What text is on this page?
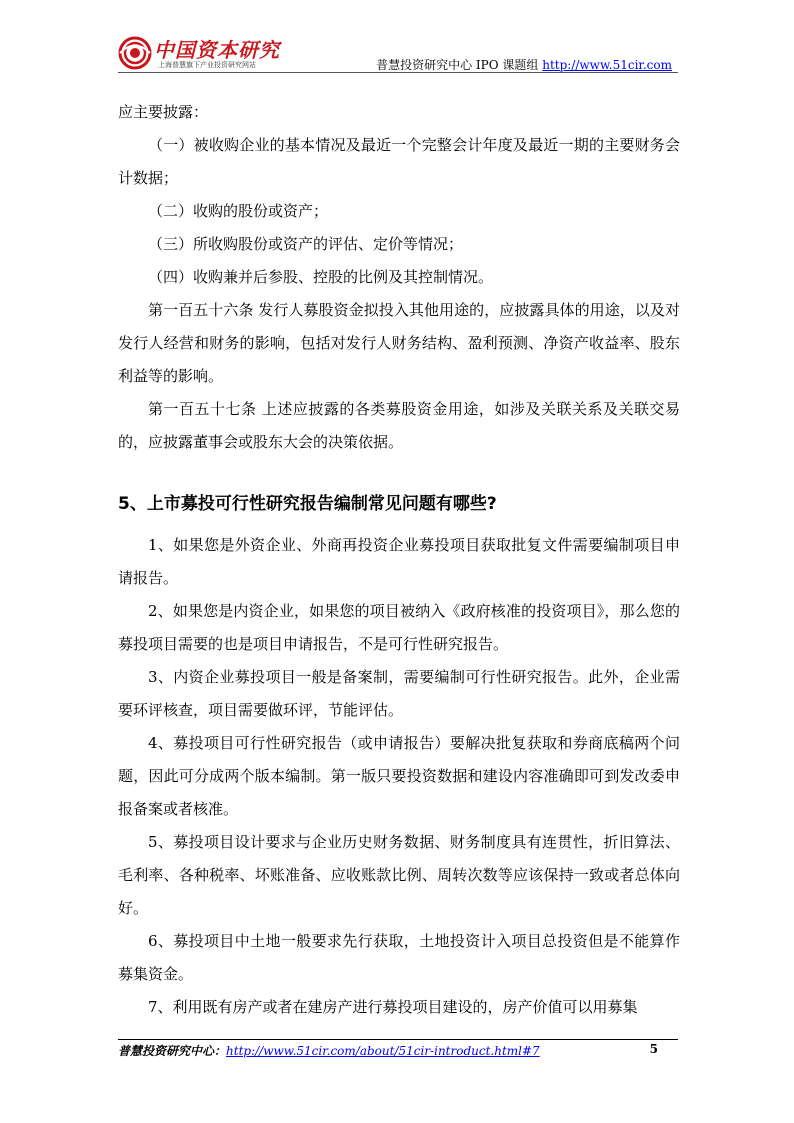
中国资本研究
上海普慧旗下产业投资研究网站	普慧投资研究中心 IPO 课题组 http://www.51cir.com

应主要披露：

（一）被收购企业的基本情况及最近一个完整会计年度及最近一期的主要财务会计数据；

（二）收购的股份或资产；

（三）所收购股份或资产的评估、定价等情况；

（四）收购兼并后参股、控股的比例及其控制情况。

第一百五十六条 发行人募股资金拟投入其他用途的，应披露具体的用途，以及对发行人经营和财务的影响，包括对发行人财务结构、盈利预测、净资产收益率、股东利益等的影响。

第一百五十七条 上述应披露的各类募股资金用途，如涉及关联关系及关联交易的，应披露董事会或股东大会的决策依据。

5、上市募投可行性研究报告编制常见问题有哪些?

1、如果您是外资企业、外商再投资企业募投项目获取批复文件需要编制项目申请报告。

2、如果您是内资企业，如果您的项目被纳入《政府核准的投资项目》，那么您的募投项目需要的也是项目申请报告，不是可行性研究报告。

3、内资企业募投项目一般是备案制，需要编制可行性研究报告。此外，企业需要环评核查，项目需要做环评，节能评估。

4、募投项目可行性研究报告（或申请报告）要解决批复获取和券商底稿两个问题，因此可分成两个版本编制。第一版只要投资数据和建设内容准确即可到发改委申报备案或者核准。

5、募投项目设计要求与企业历史财务数据、财务制度具有连贯性，折旧算法、毛利率、各种税率、坏账准备、应收账款比例、周转次数等应该保持一致或者总体向好。

6、募投项目中土地一般要求先行获取，土地投资计入项目总投资但是不能算作募集资金。

7、利用既有房产或者在建房产进行募投项目建设的，房产价值可以用募集

普慧投资研究中心：http://www.51cir.com/about/51cir-introduct.html#7	5
